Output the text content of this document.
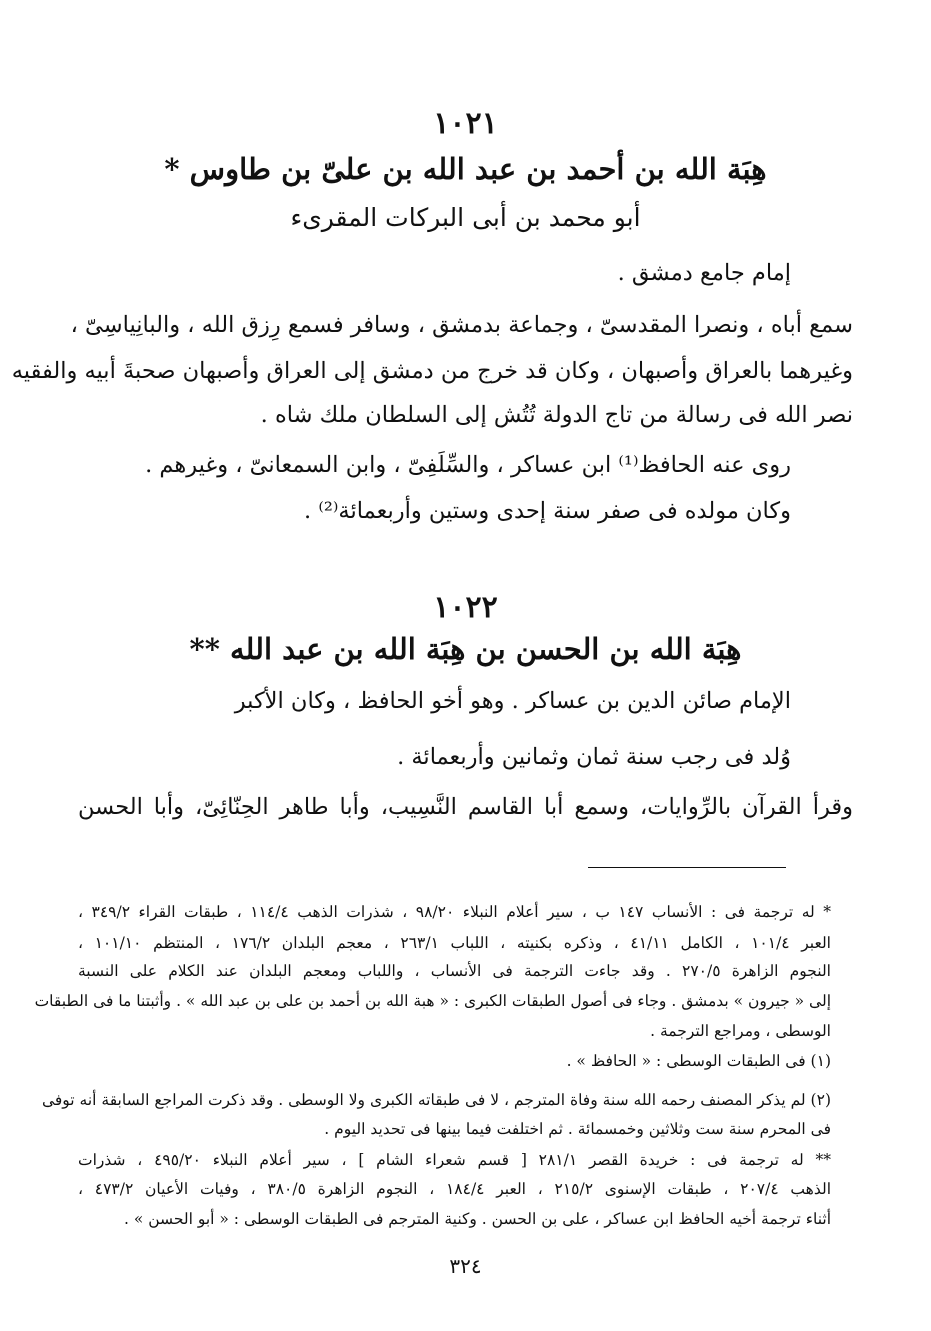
١٠٢١
هِبَة الله بن أحمد بن عبد الله بن علىّ بن طاوس *
أبو محمد بن أبى البركات المقرىء
إمام جامع دمشق .
سمع أباه ، ونصرا المقدسىّ ، وجماعة بدمشق ، وسافر فسمع رِزق الله ، والبانِياسِىّ ،
وغيرهما بالعراق وأصبهان ، وكان قد خرج من دمشق إلى العراق وأصبهان صحبةَ أبيه والفقيه
نصر الله فى رسالة من تاج الدولة تُتُش إلى السلطان ملك شاه .
روى عنه الحافظ⁽¹⁾ ابن عساكر ، والسِّلَفِىّ ، وابن السمعانىّ ، وغيرهم .
وكان مولده فى صفر سنة إحدى وستين وأربعمائة⁽²⁾ .
١٠٢٢
هِبَة الله بن الحسن بن هِبَة الله بن عبد الله **
الإمام صائن الدين بن عساكر . وهو أخو الحافظ ، وكان الأكبر
وُلد فى رجب سنة ثمان وثمانين وأربعمائة .
وقرأ القرآن بالرِّوايات، وسمع أبا القاسم النَّسِيب، وأبا طاهر الحِنّائِىّ، وأبا الحسن
* له ترجمة فى : الأنساب ١٤٧ ب ، سير أعلام النبلاء ٩٨/٢٠ ، شذرات الذهب ١١٤/٤ ، طبقات القراء ٣٤٩/٢ ،
العبر ١٠١/٤ ، الكامل ٤١/١١ ، وذكره بكنيته ، اللباب ٢٦٣/١ ، معجم البلدان ١٧٦/٢ ، المنتظم ١٠١/١٠ ،
النجوم الزاهرة ٢٧٠/٥ . وقد جاءت الترجمة فى الأنساب ، واللباب ومعجم البلدان عند الكلام على النسبة
إلى « جيرون » بدمشق . وجاء فى أصول الطبقات الكبرى : « هبة الله بن أحمد بن على بن عبد الله » . وأثبتنا ما فى الطبقات
الوسطى ، ومراجع الترجمة .
(١) فى الطبقات الوسطى : « الحافظ » .
(٢) لم يذكر المصنف رحمه الله سنة وفاة المترجم ، لا فى طبقاته الكبرى ولا الوسطى . وقد ذكرت المراجع السابقة أنه توفى
فى المحرم سنة ست وثلاثين وخمسمائة . ثم اختلفت فيما بينها فى تحديد اليوم .
** له ترجمة فى : خريدة القصر ٢٨١/١ [ قسم شعراء الشام ] ، سير أعلام النبلاء ٤٩٥/٢٠ ، شذرات
الذهب ٢٠٧/٤ ، طبقات الإسنوى ٢١٥/٢ ، العبر ١٨٤/٤ ، النجوم الزاهرة ٣٨٠/٥ ، وفيات الأعيان ٤٧٣/٢ ،
أثناء ترجمة أخيه الحافظ ابن عساكر ، على بن الحسن . وكنية المترجم فى الطبقات الوسطى : « أبو الحسن » .
٣٢٤
